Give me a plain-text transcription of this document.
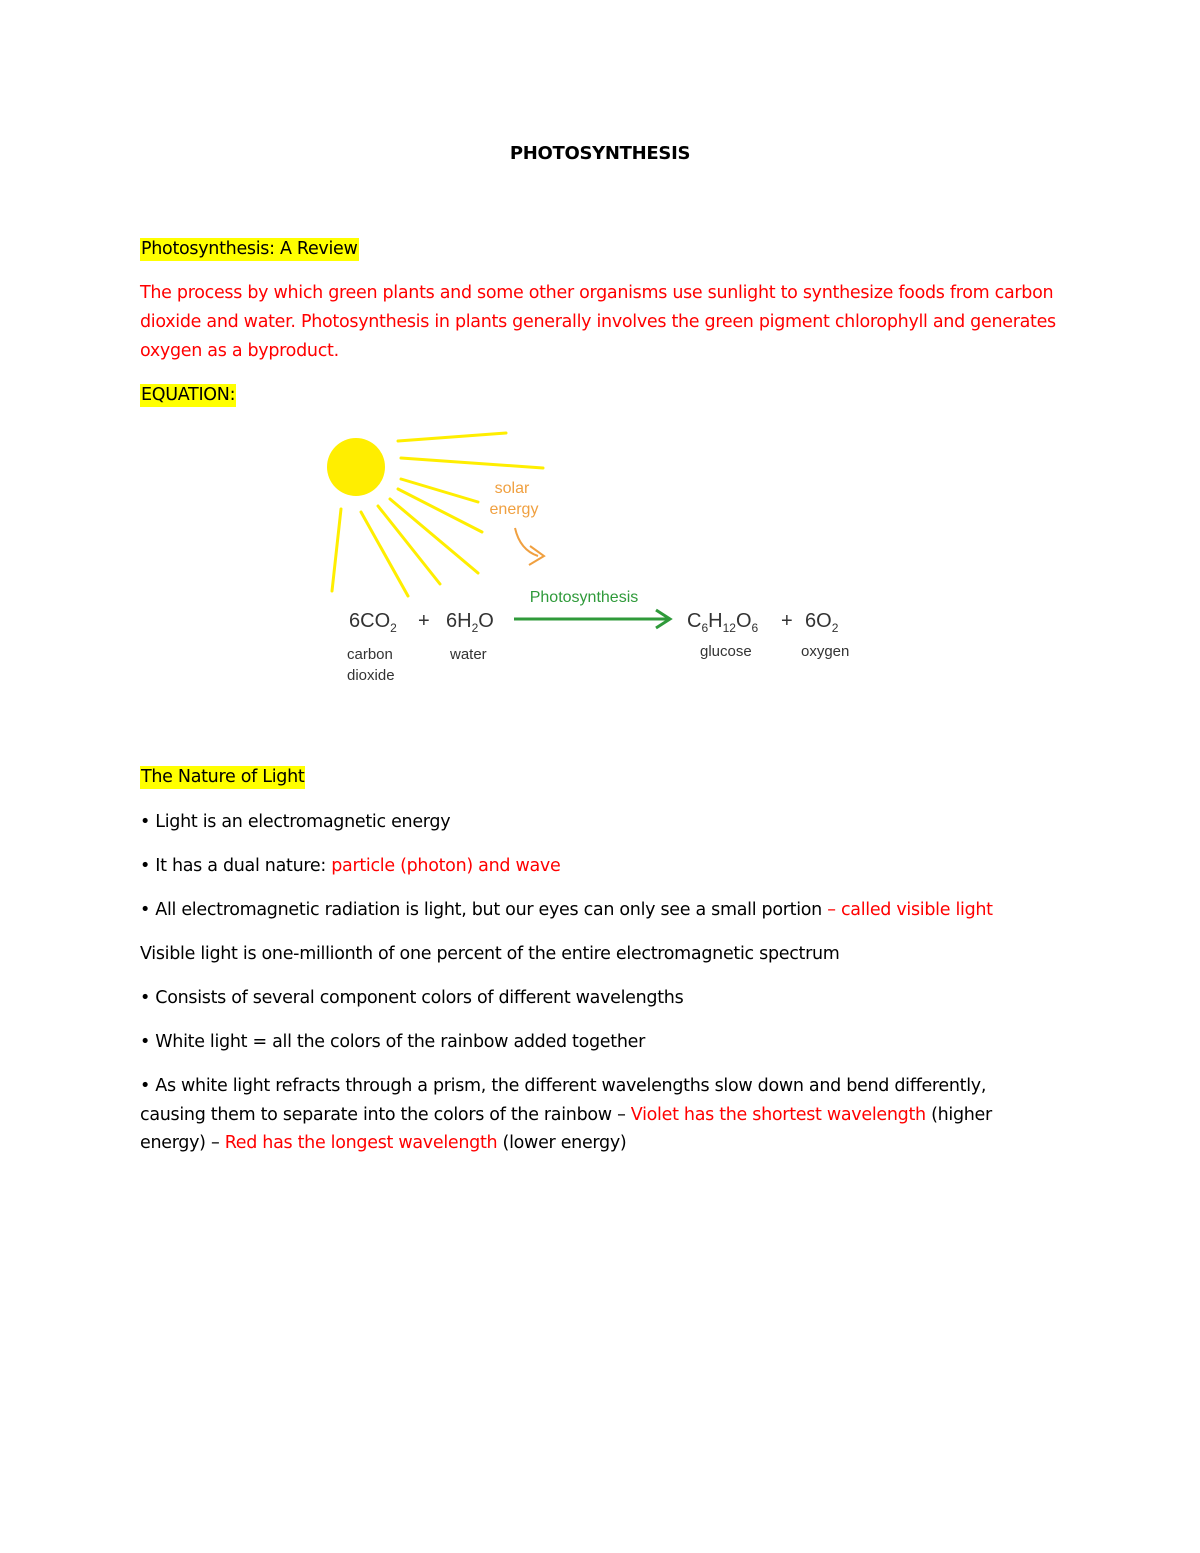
PHOTOSYNTHESIS
Photosynthesis: A Review
The process by which green plants and some other organisms use sunlight to synthesize foods from carbon dioxide and water. Photosynthesis in plants generally involves the green pigment chlorophyll and generates oxygen as a byproduct.
EQUATION:
solar
energy
Photosynthesis
$6CO_2 + 6H_2O$	$C_6H_{12}O_6 + 6O_2$
carbon
dioxide
water	glucose	oxygen
The Nature of Light
• Light is an electromagnetic energy
• It has a dual nature: particle (photon) and wave
• All electromagnetic radiation is light, but our eyes can only see a small portion – called visible light
Visible light is one-millionth of one percent of the entire electromagnetic spectrum
• Consists of several component colors of different wavelengths
• White light = all the colors of the rainbow added together
• As white light refracts through a prism, the different wavelengths slow down and bend differently, causing them to separate into the colors of the rainbow – Violet has the shortest wavelength (higher energy) – Red has the longest wavelength (lower energy)
